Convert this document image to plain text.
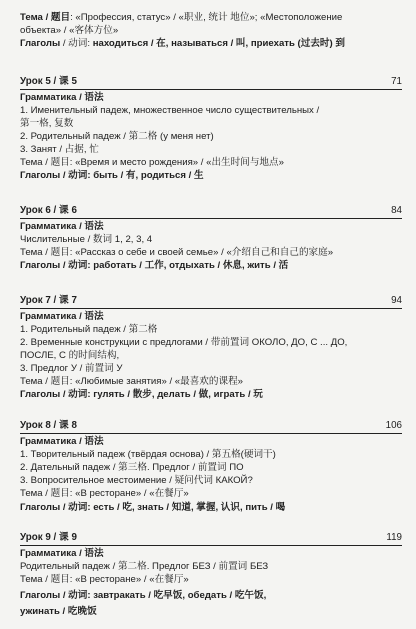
Тема / 题目: «Профессия, статус» / «职业, 统计 地位»; «Местоположение
объекта» / «客体方位»
Глаголы / 动词: находиться / 在, называться / 叫, приехать (过去时) 到
Урок 5 / 课 5	71
Грамматика / 语法
1. Именительный падеж, множественное число существительных /
第一格, 复数
2. Родительный падеж / 第二格 (у меня нет)
3. Занят / 占据, 忙
Тема / 题目: «Время и место рождения» / «出生时间与地点»
Глаголы / 动词: быть / 有, родиться / 生
Урок 6 / 课 6	84
Грамматика / 语法
Числительные / 数词 1, 2, 3, 4
Тема / 题目: «Рассказ о себе и своей семье» / «介绍自己和自己的家庭»
Глаголы / 动词: работать / 工作, отдыхать / 休息, жить / 活
Урок 7 / 课 7	94
Грамматика / 语法
1. Родительный падеж / 第二格
2. Временные конструкции с предлогами / 带前置词 ОКОЛО, ДО, С ... ДО,
ПОСЛЕ, С 的时间结构,
3. Предлог У / 前置词 У
Тема / 题目: «Любимые занятия» / «最喜欢的课程»
Глаголы / 动词: гулять / 散步, делать / 做, играть / 玩
Урок 8 / 课 8	106
Грамматика / 语法
1. Творительный падеж (твёрдая основа) / 第五格(硬词干)
2. Дательный падеж / 第三格. Предлог / 前置词 ПО
3. Вопросительное местоимение / 疑问代词 КАКОЙ?
Тема / 题目: «В ресторане» / «在餐厅»
Глаголы / 动词: есть / 吃, знать / 知道, 掌握, 认识, пить / 喝
Урок 9 / 课 9	119
Грамматика / 语法
Родительный падеж / 第二格. Предлог БЕЗ / 前置词 БЕЗ
Тема / 题目: «В ресторане» / «在餐厅»
Глаголы / 动词: завтракать / 吃早饭, обедать / 吃午饭,
ужинать / 吃晚饭
